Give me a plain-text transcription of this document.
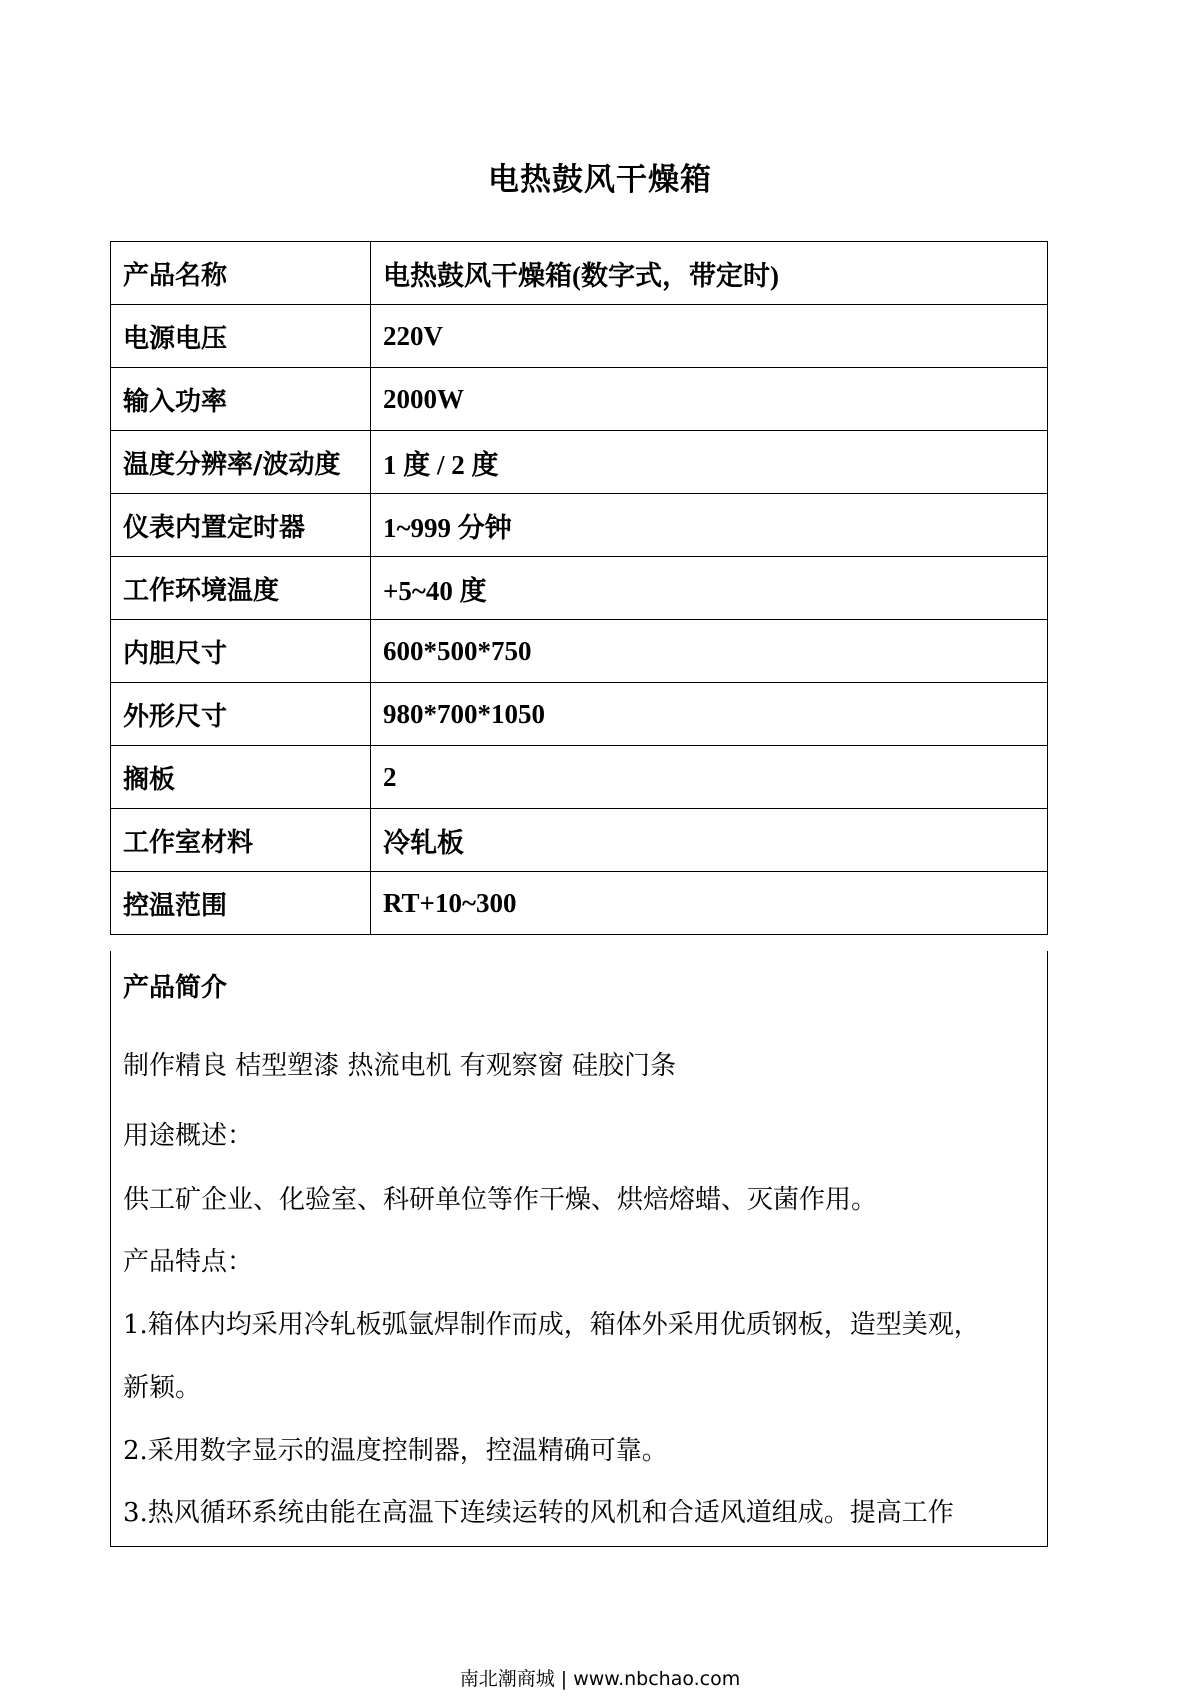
电热鼓风干燥箱
产品名称	电热鼓风干燥箱(数字式，带定时)
电源电压	220V
输入功率	2000W
温度分辨率/波动度	1 度 / 2 度
仪表内置定时器	1~999 分钟
工作环境温度	+5~40 度
内胆尺寸	600*500*750
外形尺寸	980*700*1050
搁板	2
工作室材料	冷轧板
控温范围	RT+10~300
产品简介
制作精良 桔型塑漆 热流电机 有观察窗 硅胶门条
用途概述：
供工矿企业、化验室、科研单位等作干燥、烘焙熔蜡、灭菌作用。
产品特点：
1.箱体内均采用冷轧板弧氩焊制作而成，箱体外采用优质钢板，造型美观，
新颖。
2.采用数字显示的温度控制器，控温精确可靠。
3.热风循环系统由能在高温下连续运转的风机和合适风道组成。提高工作
南北潮商城 | www.nbchao.com
